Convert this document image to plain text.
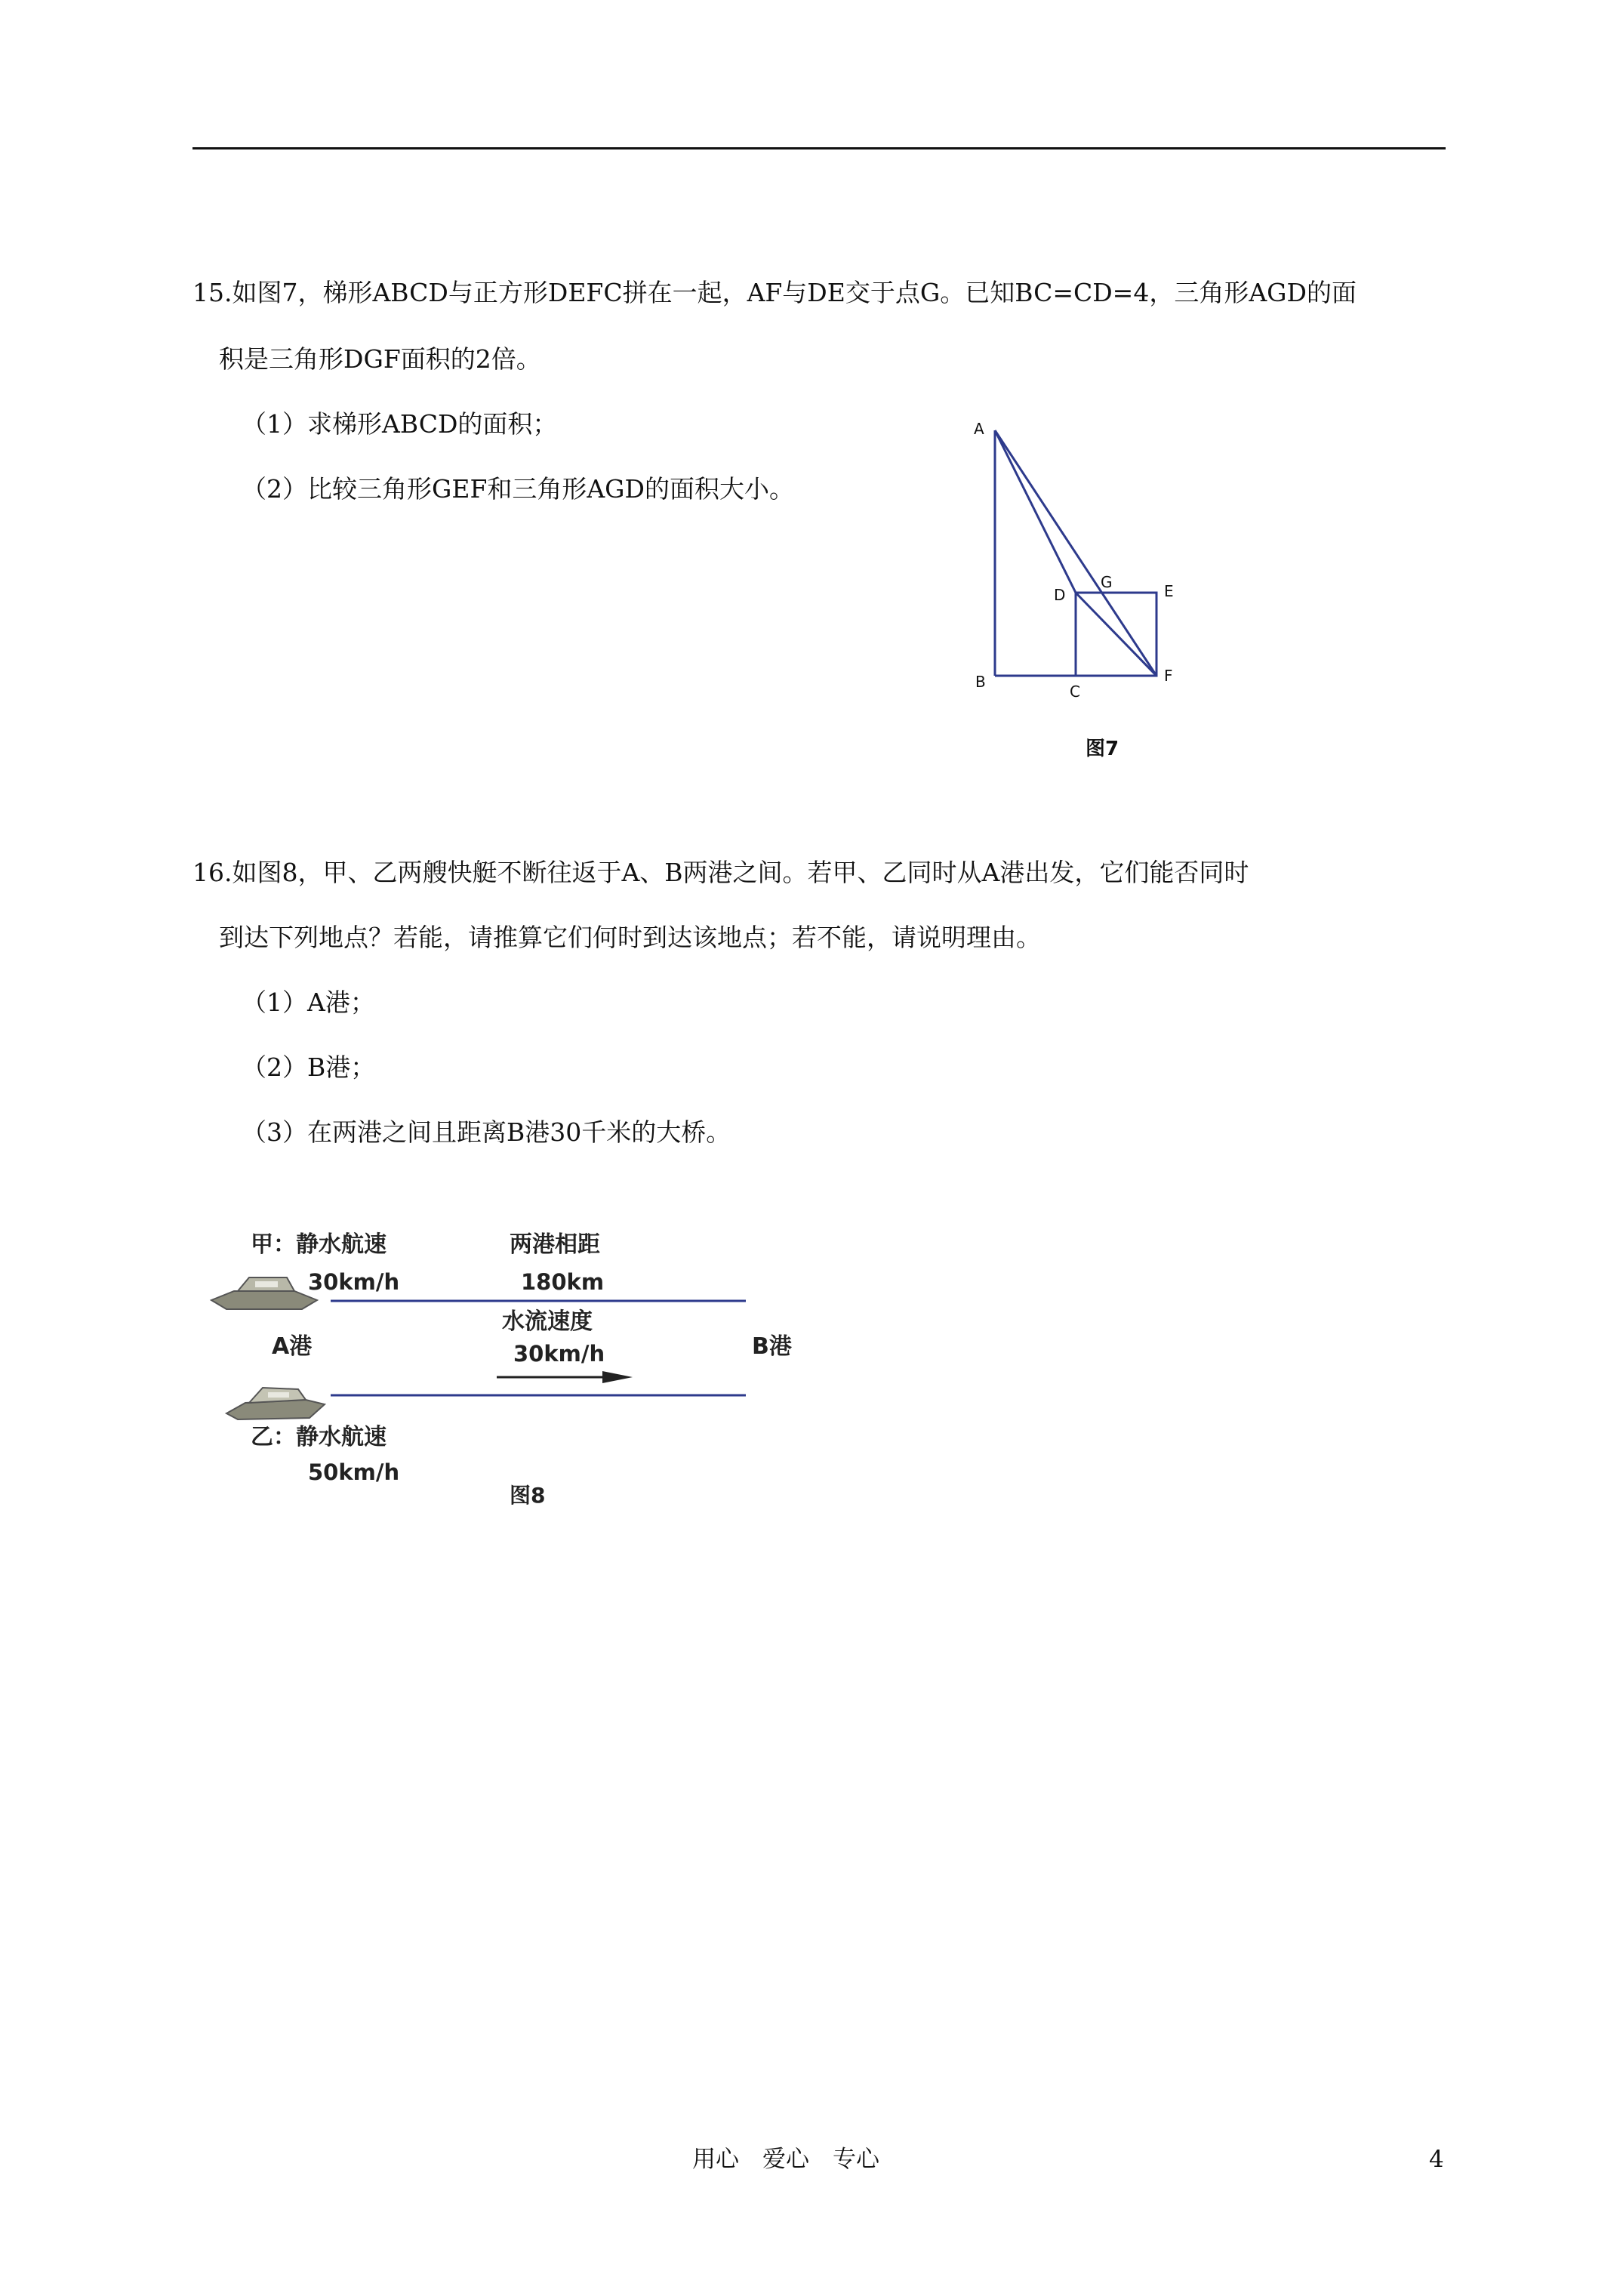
15.如图7，梯形ABCD与正方形DEFC拼在一起，AF与DE交于点G。已知BC=CD=4，三角形AGD的面
积是三角形DGF面积的2倍。
（1）求梯形ABCD的面积；
（2）比较三角形GEF和三角形AGD的面积大小。
A
B
C
D	E
F
G
图7
16.如图8，甲、乙两艘快艇不断往返于A、B两港之间。若甲、乙同时从A港出发，它们能否同时
到达下列地点？若能，请推算它们何时到达该地点；若不能，请说明理由。
（1）A港；
（2）B港；
（3）在两港之间且距离B港30千米的大桥。
甲：静水航速
30km/h
两港相距
180km
水流速度
30km/h
A港	B港
乙：静水航速
50km/h
图8
用心　爱心　专心	4
